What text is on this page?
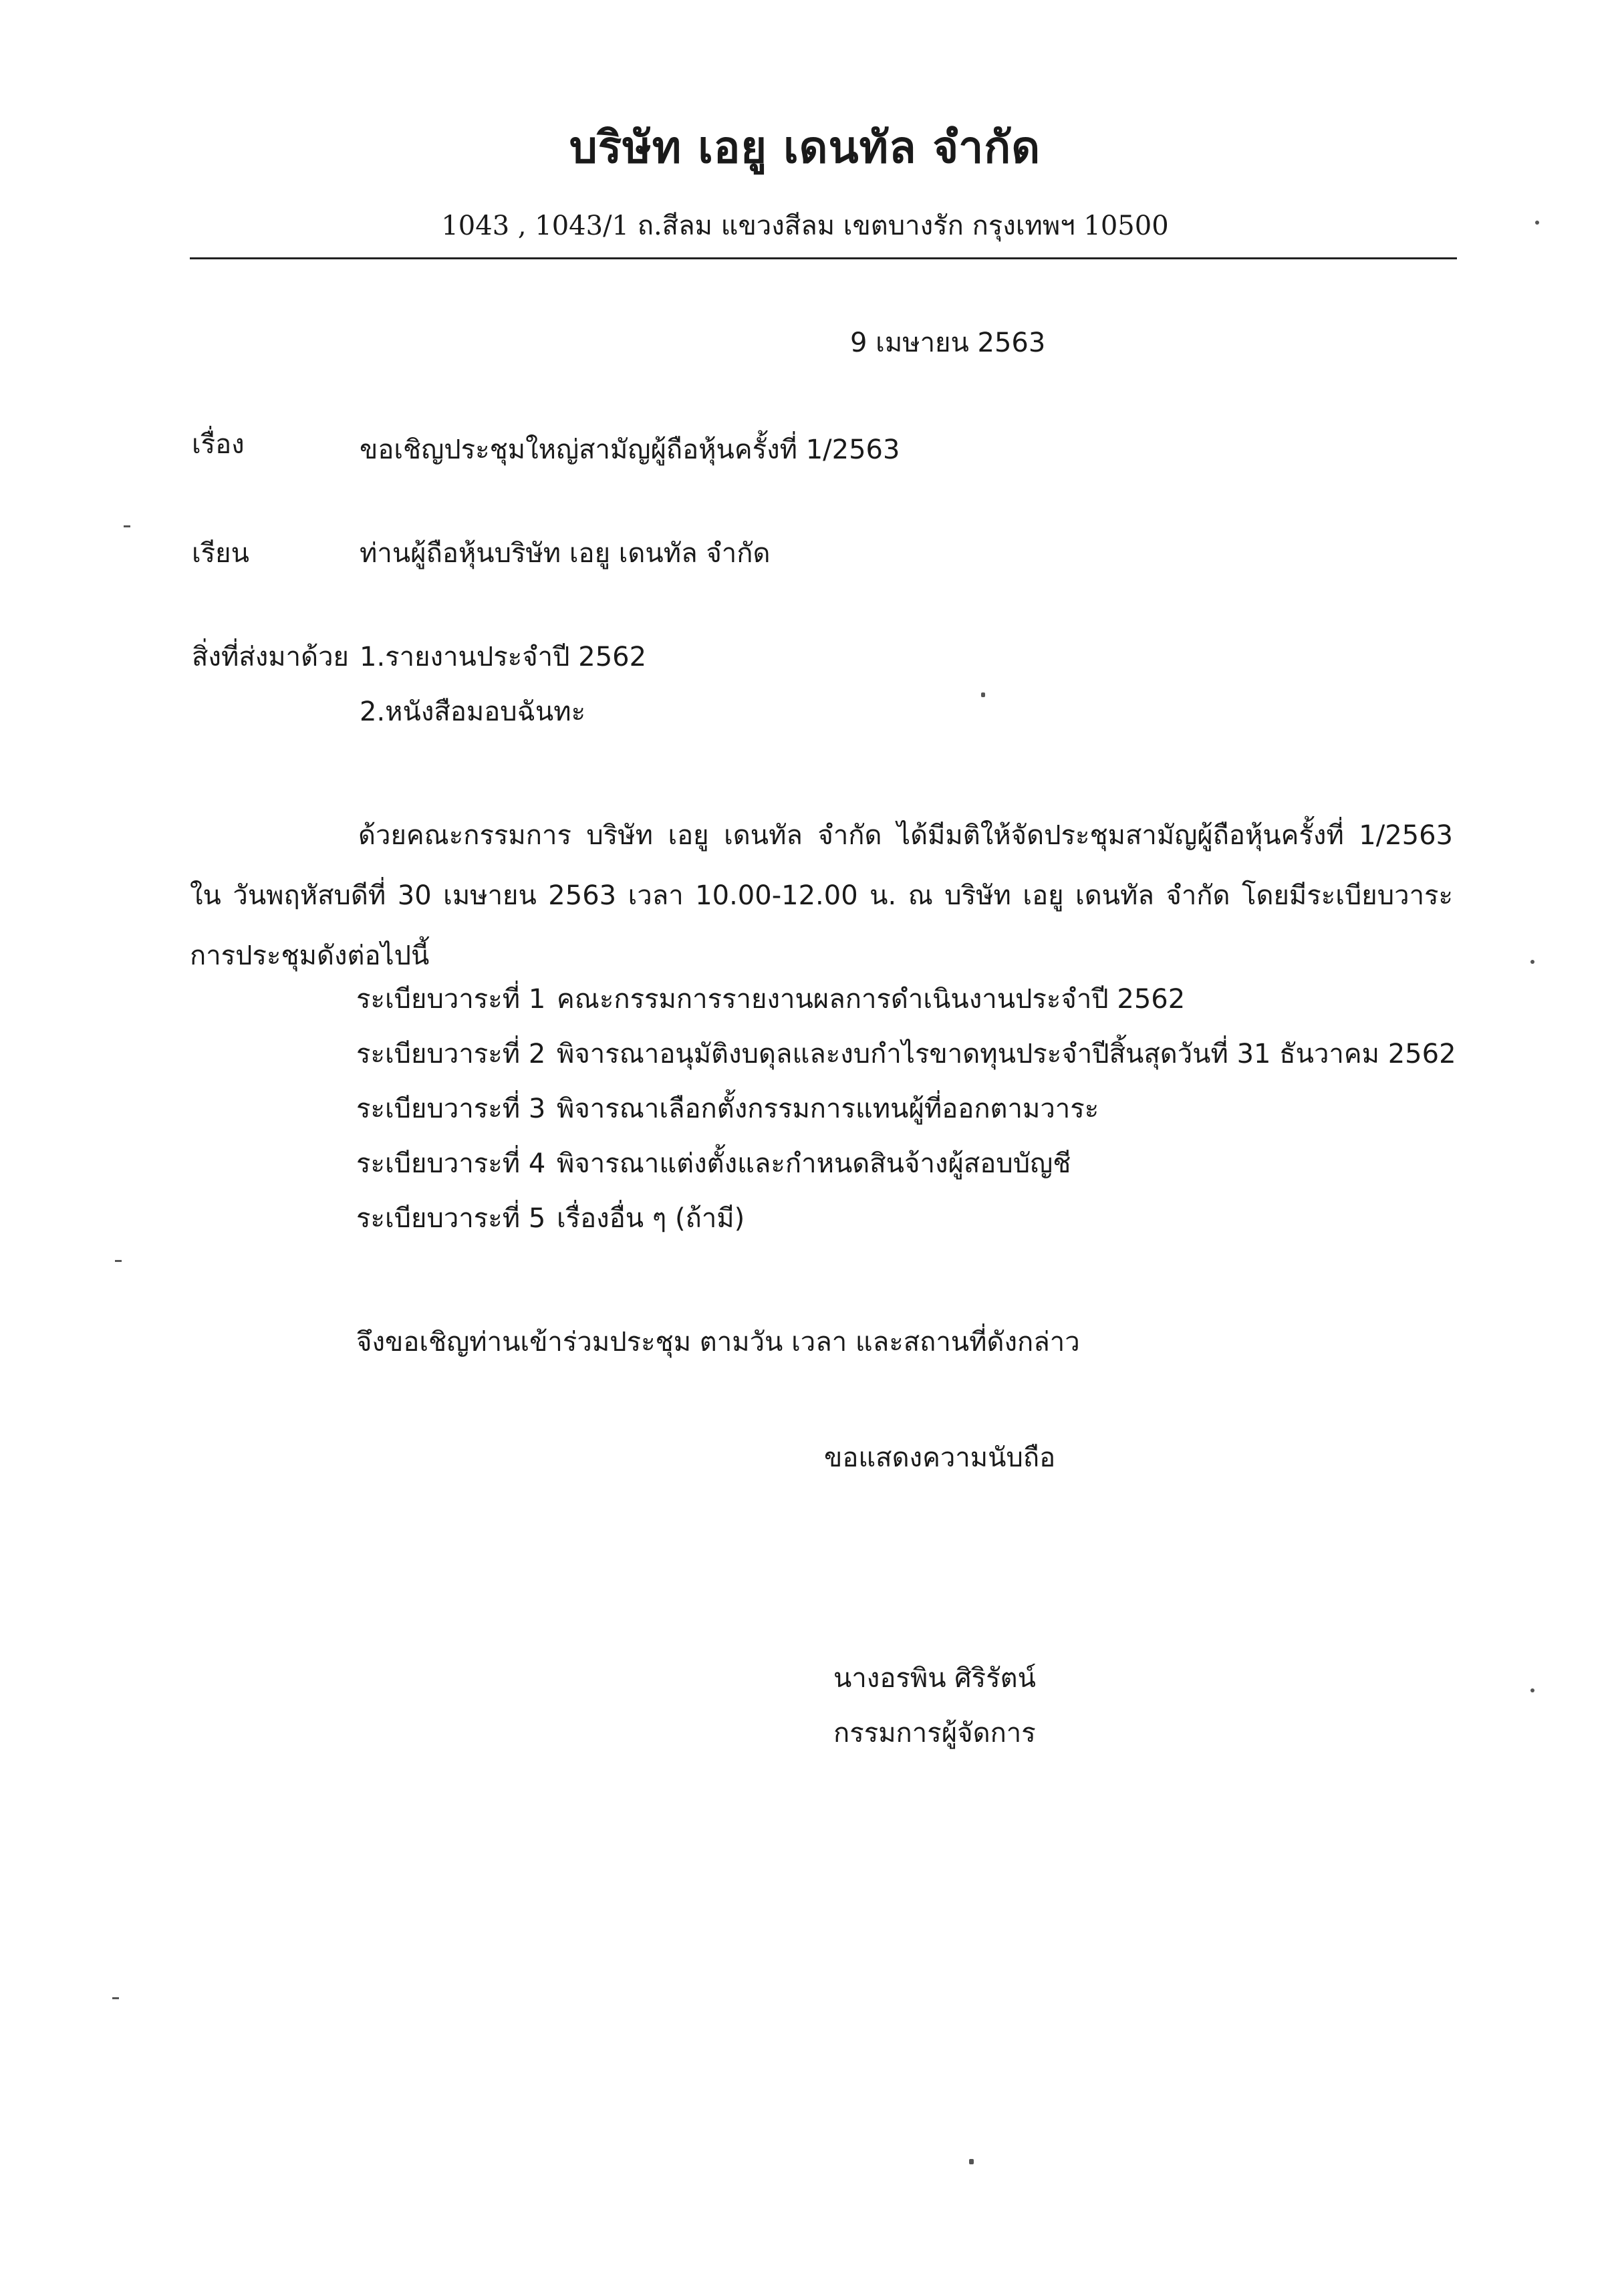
บริษัท เอยู เดนทัล จำกัด
1043 , 1043/1 ถ.สีลม แขวงสีลม เขตบางรัก กรุงเทพฯ 10500
9 เมษายน 2563
เรื่อง	ขอเชิญประชุมใหญ่สามัญผู้ถือหุ้นครั้งที่ 1/2563
เรียน	ท่านผู้ถือหุ้นบริษัท เอยู เดนทัล จำกัด
สิ่งที่ส่งมาด้วย 1.รายงานประจำปี 2562
2.หนังสือมอบฉันทะ
ด้วยคณะกรรมการ บริษัท เอยู เดนทัล จำกัด ได้มีมติให้จัดประชุมสามัญผู้ถือหุ้นครั้งที่ 1/2563 ใน วันพฤหัสบดีที่ 30 เมษายน 2563 เวลา 10.00-12.00 น. ณ บริษัท เอยู เดนทัล จำกัด โดยมีระเบียบวาระการประชุมดังต่อไปนี้
ระเบียบวาระที่ 1 คณะกรรมการรายงานผลการดำเนินงานประจำปี 2562
ระเบียบวาระที่ 2 พิจารณาอนุมัติงบดุลและงบกำไรขาดทุนประจำปีสิ้นสุดวันที่ 31 ธันวาคม 2562
ระเบียบวาระที่ 3 พิจารณาเลือกตั้งกรรมการแทนผู้ที่ออกตามวาระ
ระเบียบวาระที่ 4 พิจารณาแต่งตั้งและกำหนดสินจ้างผู้สอบบัญชี
ระเบียบวาระที่ 5 เรื่องอื่น ๆ (ถ้ามี)
จึงขอเชิญท่านเข้าร่วมประชุม ตามวัน เวลา และสถานที่ดังกล่าว
ขอแสดงความนับถือ
นางอรพิน ศิริรัตน์
กรรมการผู้จัดการ
